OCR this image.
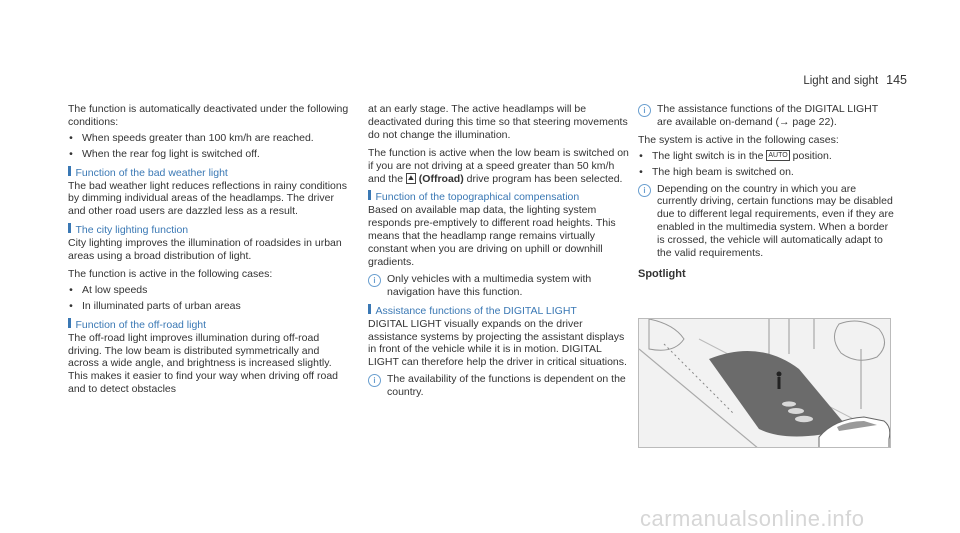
Light and sight 145

The function is automatically deactivated under the following conditions:

• When speeds greater than 100 km/h are reached.
• When the rear fog light is switched off.
Function of the bad weather light

The bad weather light reduces reflections in rainy conditions by dimming individual areas of the headlamps. The driver and other road users are dazzled less as a result.

The city lighting function

City lighting improves the illumination of roadsides in urban areas using a broad distribution of light.

The function is active in the following cases:

• At low speeds
• In illuminated parts of urban areas
Function of the off-road light

The off-road light improves illumination during off-road driving. The low beam is distributed symmetrically and across a wide angle, and brightness is increased slightly. This makes it easier to find your way when driving off road and to detect obstacles

at an early stage. The active headlamps will be deactivated during this time so that steering movements do not change the illumination.

The function is active when the low beam is switched on if you are not driving at a speed greater than 50 km/h and the ⛰ (Offroad) drive program has been selected.

Function of the topographical compensation

Based on available map data, the lighting system responds pre-emptively to different road heights. This means that the headlamp range remains virtually constant when you are driving on uphill or downhill gradients.

i	Only vehicles with a multimedia system with navigation have this function.
Assistance functions of the DIGITAL LIGHT

DIGITAL LIGHT visually expands on the driver assistance systems by projecting the assistant displays in front of the vehicle while it is in motion. DIGITAL LIGHT can therefore help the driver in critical situations.

i	The availability of the functions is dependent on the country.
i	The assistance functions of the DIGITAL LIGHT are available on-demand (→ page 22).

The system is active in the following cases:

• The light switch is in the AUTO position.
• The high beam is switched on.
i	Depending on the country in which you are currently driving, certain functions may be disabled due to different legal requirements, even if they are enabled in the multimedia system. When a border is crossed, the vehicle will automatically adapt to the valid requirements.
Spotlight
carmanualsonline.info
